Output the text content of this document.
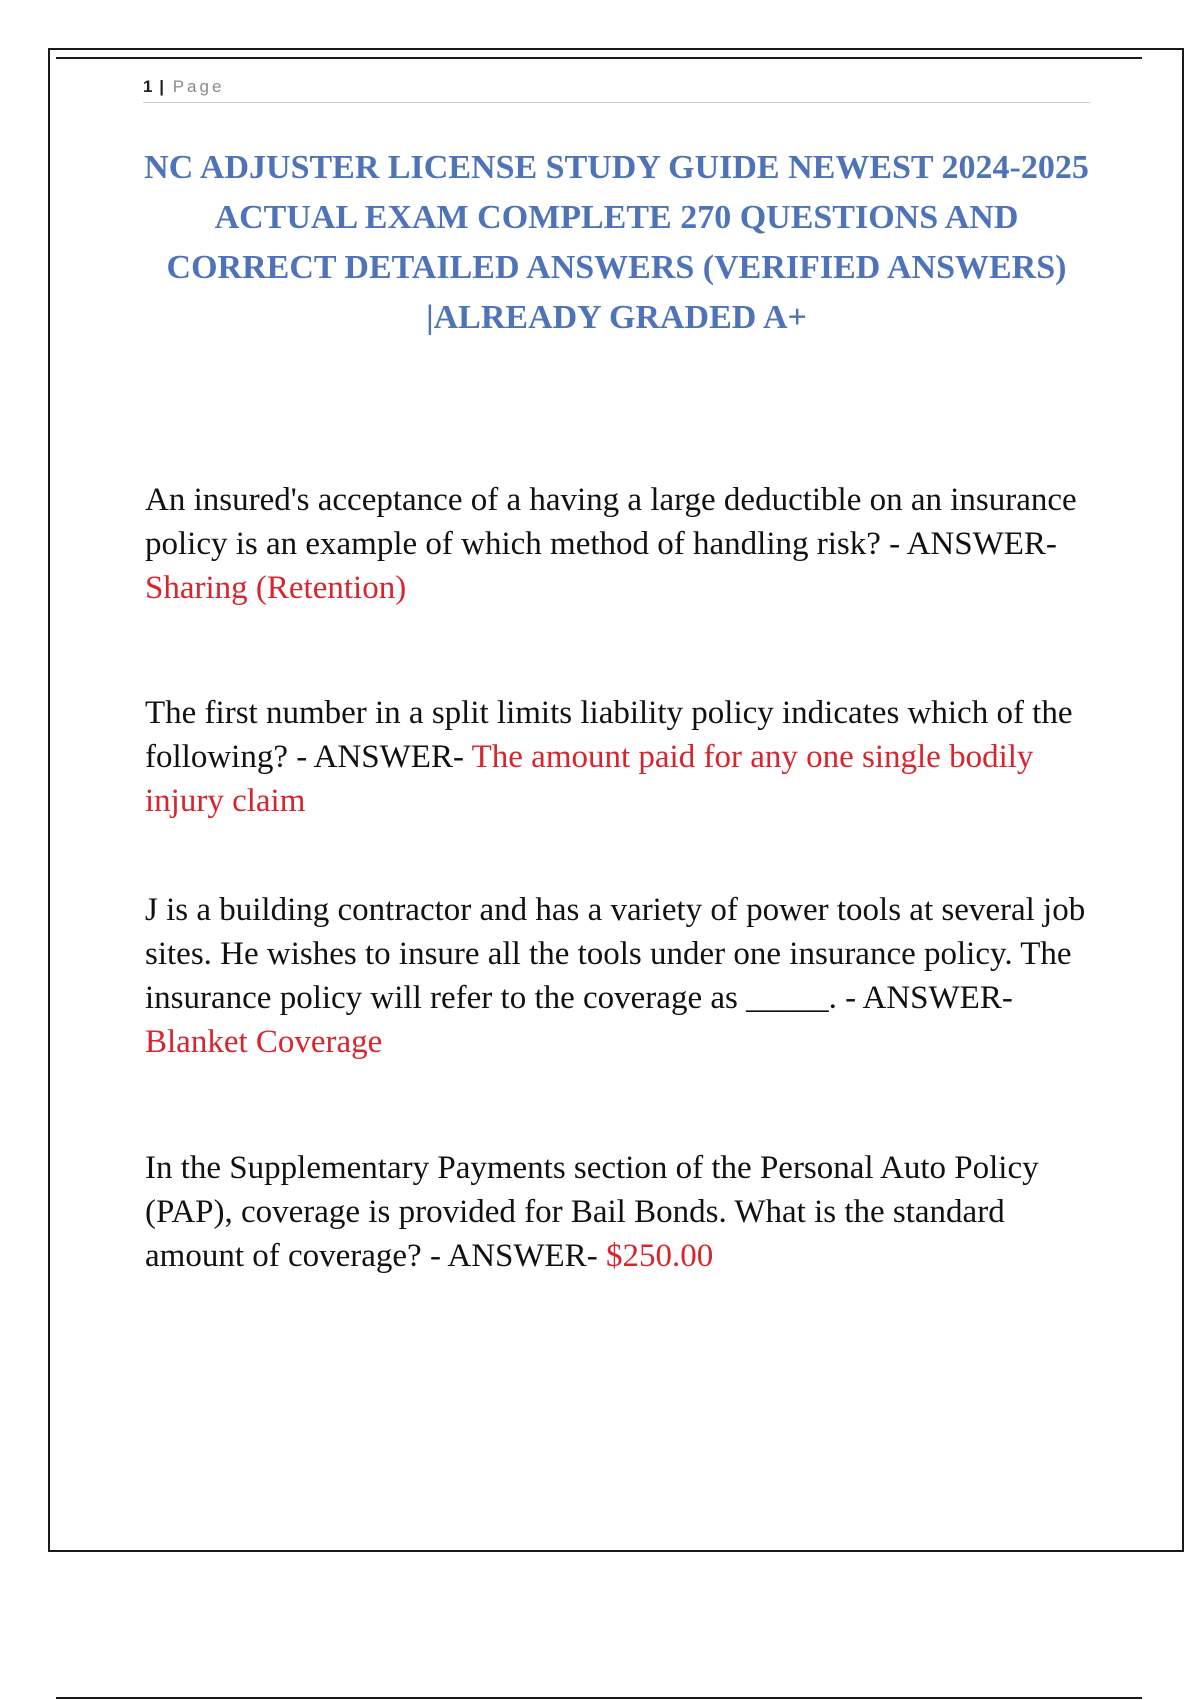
1 | Page
NC ADJUSTER LICENSE STUDY GUIDE NEWEST 2024-2025 ACTUAL EXAM COMPLETE 270 QUESTIONS AND CORRECT DETAILED ANSWERS (VERIFIED ANSWERS) |ALREADY GRADED A+

An insured's acceptance of a having a large deductible on an insurance policy is an example of which method of handling risk? - ANSWER- Sharing (Retention)

The first number in a split limits liability policy indicates which of the following? - ANSWER- The amount paid for any one single bodily injury claim

J is a building contractor and has a variety of power tools at several job sites. He wishes to insure all the tools under one insurance policy. The insurance policy will refer to the coverage as _____. - ANSWER- Blanket Coverage

In the Supplementary Payments section of the Personal Auto Policy (PAP), coverage is provided for Bail Bonds. What is the standard amount of coverage? - ANSWER- $250.00
